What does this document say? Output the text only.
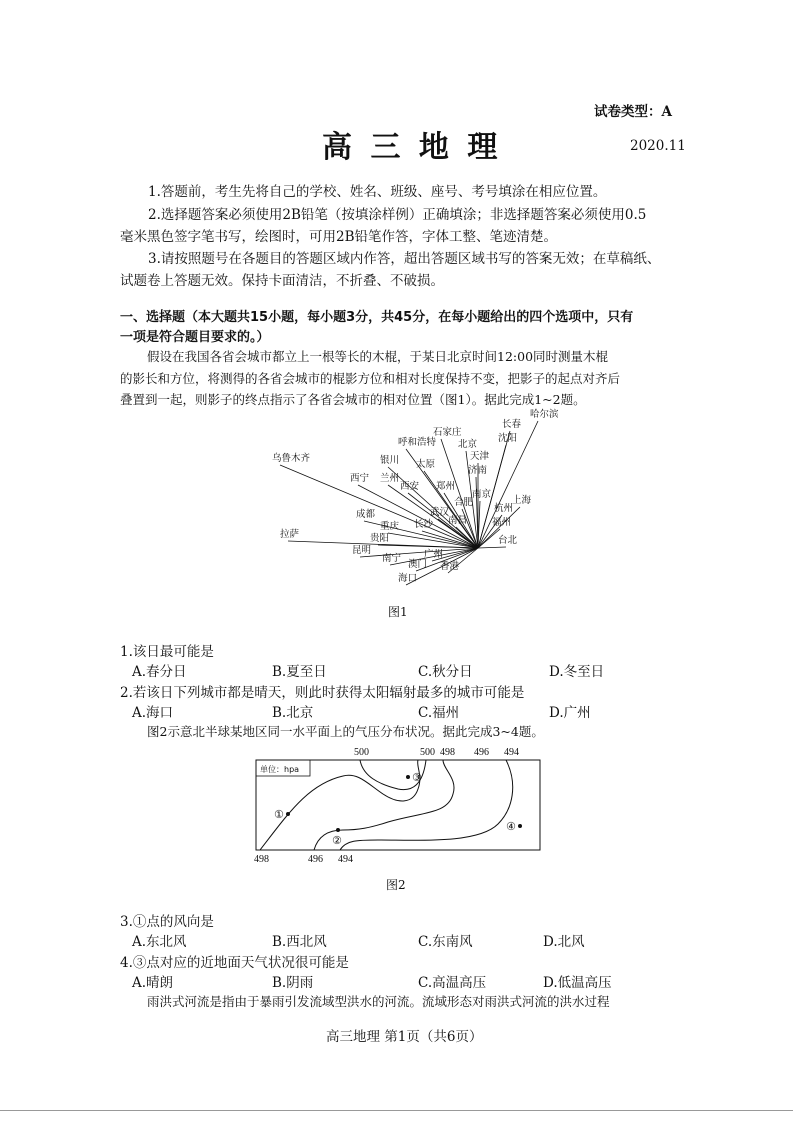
试卷类型：A
高 三 地 理	2020.11
1.答题前，考生先将自己的学校、姓名、班级、座号、考号填涂在相应位置。
2.选择题答案必须使用2B铅笔（按填涂样例）正确填涂；非选择题答案必须使用0.5
毫米黑色签字笔书写，绘图时，可用2B铅笔作答，字体工整、笔迹清楚。
3.请按照题号在各题目的答题区域内作答，超出答题区域书写的答案无效；在草稿纸、
试题卷上答题无效。保持卡面清洁，不折叠、不破损。
一、选择题（本大题共15小题，每小题3分，共45分，在每小题给出的四个选项中，只有
一项是符合题目要求的。）
假设在我国各省会城市都立上一根等长的木棍，于某日北京时间12:00同时测量木棍
的影长和方位，将测得的各省会城市的棍影方位和相对长度保持不变，把影子的起点对齐后
叠置到一起，则影子的终点指示了各省会城市的相对位置（图1）。据此完成1~2题。
哈尔滨
长春
沈阳
呼和浩特
石家庄
北京
天津
济南
银川 太原
乌鲁木齐
西宁 兰州
西安 郑州
合肥
南京
上海
杭州
成都
重庆
武汉
南昌	福州
贵阳
长沙
拉萨
台北
昆明
南宁 广州
澳门 香港
海口
图1
1.该日最可能是
A.春分日	B.夏至日	C.秋分日	D.冬至日
2.若该日下列城市都是晴天，则此时获得太阳辐射最多的城市可能是
A.海口	B.北京	C.福州	D.广州
图2示意北半球某地区同一水平面上的气压分布状况。据此完成3~4题。
单位：hpa
①
②
③
④
500	500 498 496 494
498	496 494
图2
3.①点的风向是
A.东北风	B.西北风	C.东南风	D.北风
4.③点对应的近地面天气状况很可能是
A.晴朗	B.阴雨	C.高温高压	D.低温高压
雨洪式河流是指由于暴雨引发流域型洪水的河流。流域形态对雨洪式河流的洪水过程
高三地理 第1页（共6页）
